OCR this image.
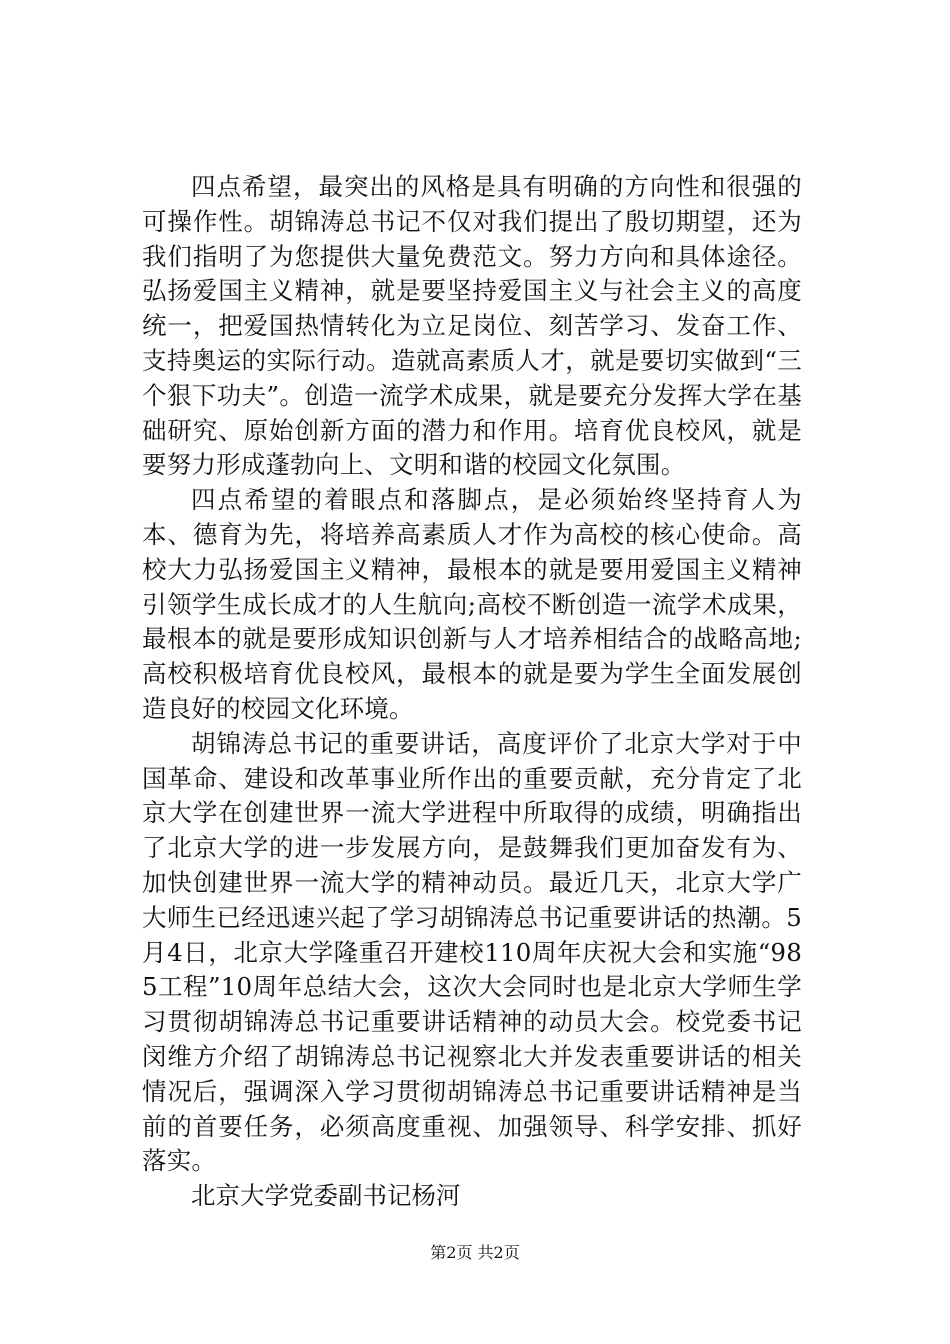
四点希望，最突出的风格是具有明确的方向性和很强的可操作性。胡锦涛总书记不仅对我们提出了殷切期望，还为我们指明了为您提供大量免费范文。努力方向和具体途径。弘扬爱国主义精神，就是要坚持爱国主义与社会主义的高度统一，把爱国热情转化为立足岗位、刻苦学习、发奋工作、支持奥运的实际行动。造就高素质人才，就是要切实做到“三个狠下功夫”。创造一流学术成果，就是要充分发挥大学在基础研究、原始创新方面的潜力和作用。培育优良校风，就是要努力形成蓬勃向上、文明和谐的校园文化氛围。

四点希望的着眼点和落脚点，是必须始终坚持育人为本、德育为先，将培养高素质人才作为高校的核心使命。高校大力弘扬爱国主义精神，最根本的就是要用爱国主义精神引领学生成长成才的人生航向;高校不断创造一流学术成果，最根本的就是要形成知识创新与人才培养相结合的战略高地;高校积极培育优良校风，最根本的就是要为学生全面发展创造良好的校园文化环境。

胡锦涛总书记的重要讲话，高度评价了北京大学对于中国革命、建设和改革事业所作出的重要贡献，充分肯定了北京大学在创建世界一流大学进程中所取得的成绩，明确指出了北京大学的进一步发展方向，是鼓舞我们更加奋发有为、加快创建世界一流大学的精神动员。最近几天，北京大学广大师生已经迅速兴起了学习胡锦涛总书记重要讲话的热潮。5月4日，北京大学隆重召开建校110周年庆祝大会和实施“985工程”10周年总结大会，这次大会同时也是北京大学师生学习贯彻胡锦涛总书记重要讲话精神的动员大会。校党委书记闵维方介绍了胡锦涛总书记视察北大并发表重要讲话的相关情况后，强调深入学习贯彻胡锦涛总书记重要讲话精神是当前的首要任务，必须高度重视、加强领导、科学安排、抓好落实。

北京大学党委副书记杨河

第2页 共2页
